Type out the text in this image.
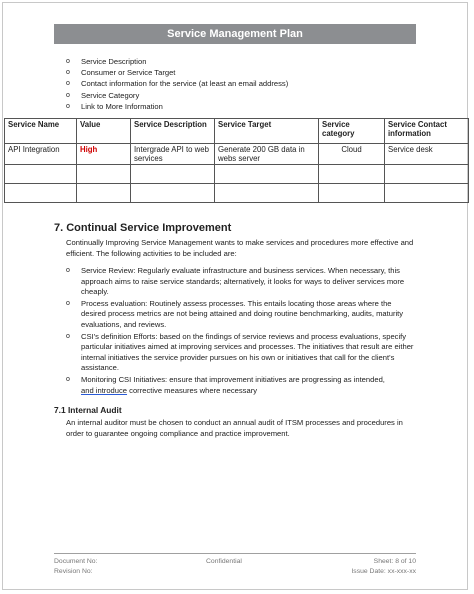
Service Management Plan
o Service Description
o Consumer or Service Target
o Contact information for the service (at least an email address)
o Service Category
o Link to More Information
Service Name	Value	Service Description	Service Target	Service category	Service Contact information
API Integration	High	Intergrade API to web services	Generate 200 GB data in webs server	Cloud	Service desk

7. Continual Service Improvement
Continually Improving Service Management wants to make services and procedures more effective and efficient. The following activities to be included are:
o Service Review: Regularly evaluate infrastructure and business services. When necessary, this approach aims to raise service standards; alternatively, it looks for ways to deliver services more cheaply.
o Process evaluation: Routinely assess processes. This entails locating those areas where the desired process metrics are not being attained and doing routine benchmarking, audits, maturity evaluations, and reviews.
o CSI's definition Efforts: based on the findings of service reviews and process evaluations, specify particular initiatives aimed at improving services and processes. The initiatives that result are either internal initiatives the service provider pursues on his own or initiatives that call for the client's assistance.
o Monitoring CSI Initiatives: ensure that improvement initiatives are progressing as intended,
and introduce corrective measures where necessary
7.1 Internal Audit
An internal auditor must be chosen to conduct an annual audit of ITSM processes and procedures in order to guarantee ongoing compliance and practice improvement.
Document No:
Revision No:
Confidential	Sheet: 8 of 10
Issue Date: xx-xxx-xx
